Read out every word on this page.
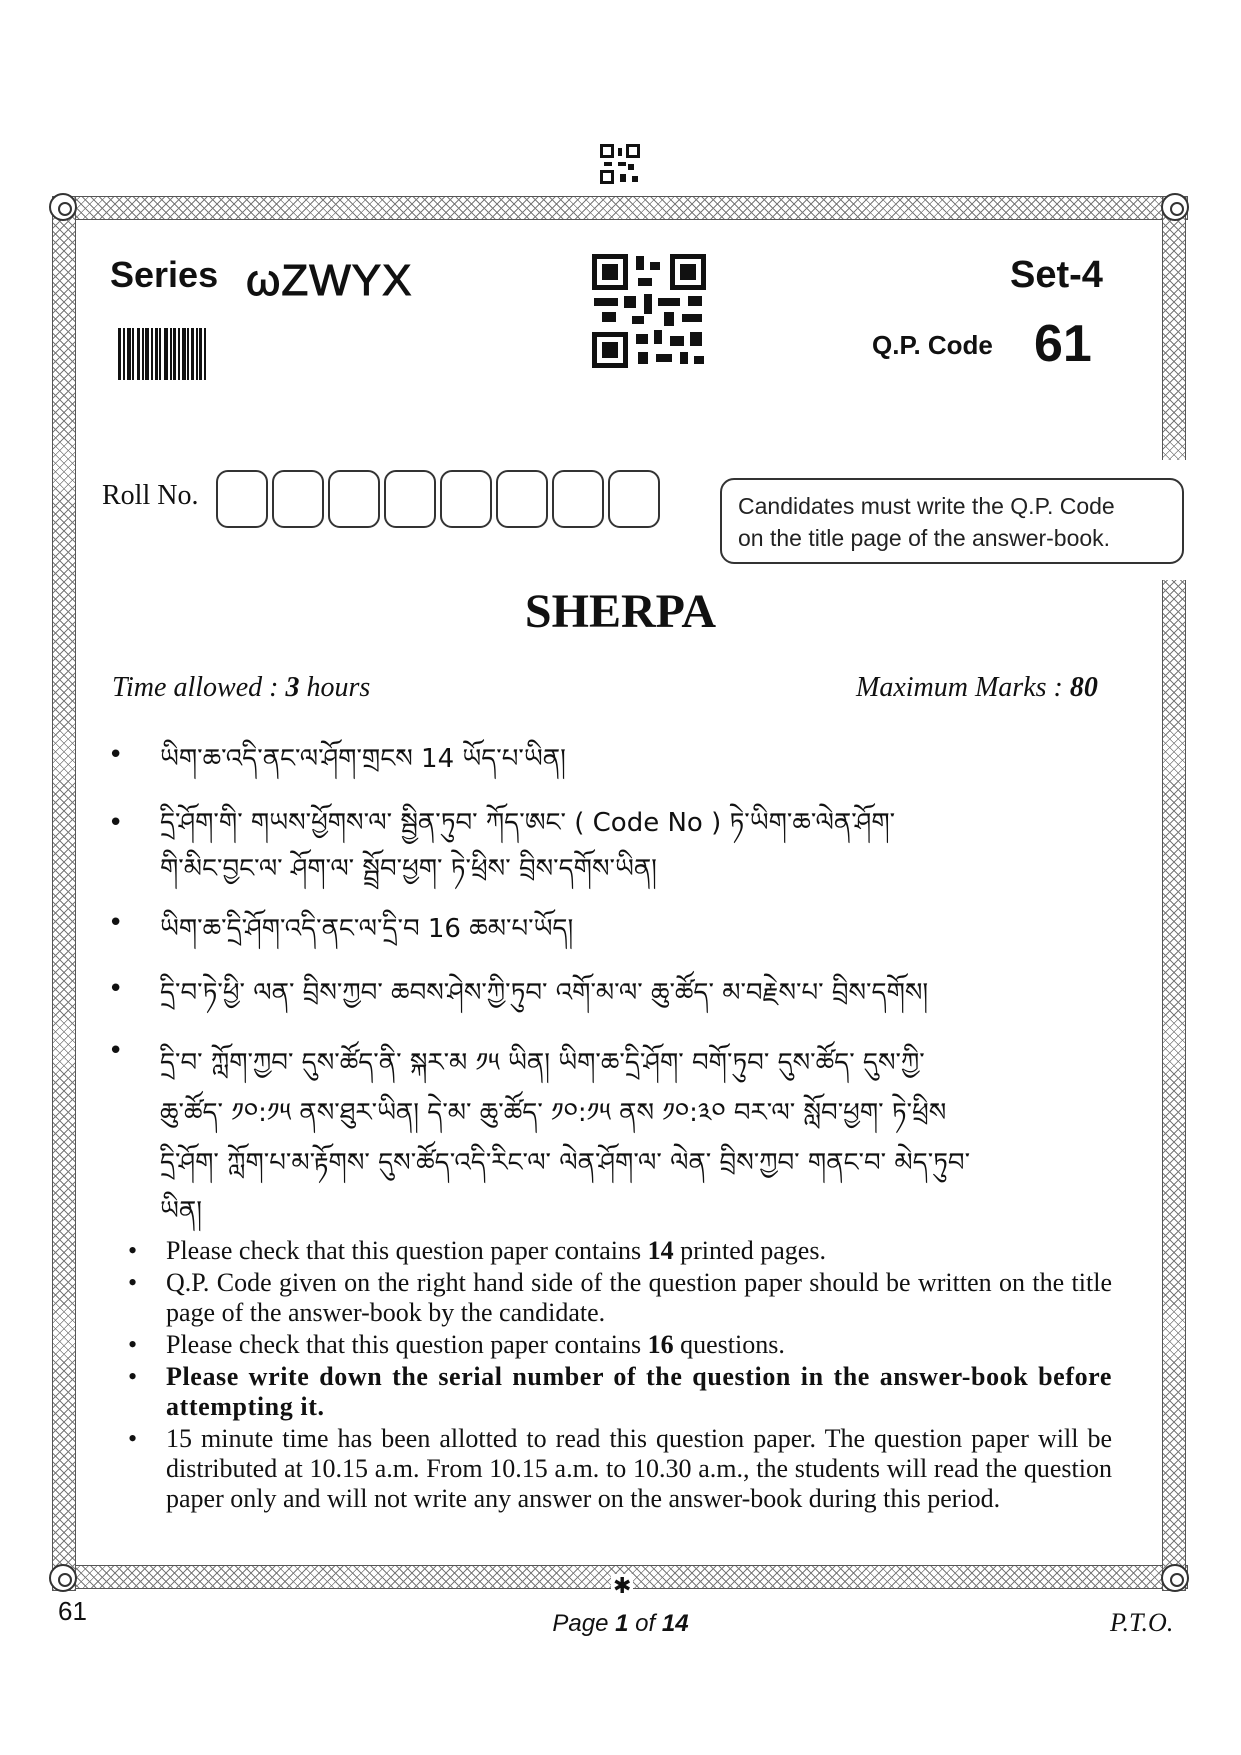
✱
Series ωZWYX	Set-4
Q.P. Code 61
Roll No.	Candidates must write the Q.P. Code
on the title page of the answer-book.
SHERPA
Time allowed : 3 hours	Maximum Marks : 80
• ཡིག་ཆ་འདི་ནང་ལ་ཤོག་གྲངས 14 ཡོད་པ་ཡིན།
• དྲི་ཤོག་གི་ གཡས་ཕྱོགས་ལ་ སྦྱིན་ཏུབ་ ཀོད་ཨང་ ( Code No ) ཏེ་ཡིག་ཆ་ལེན་ཤོག་
གི་མིང་བྱང་ལ་ ཤོག་ལ་ སྦྲོབ་ཕྱག་ ཏེ་ཕྲིས་ བྲིས་དགོས་ཡིན།
• ཡིག་ཆ་དྲི་ཤོག་འདི་ནང་ལ་དྲི་བ 16 ཆམ་པ་ཡོད།
• དྲི་བ་ཏེ་ཕྱི་ ལན་ བྲིས་ཀྱབ་ ཆབས་ཤེས་ཀྱི་ཏུབ་ འགོ་མ་ལ་ ཆུ་ཚོད་ མ་བརྗེས་པ་ བྲིས་དགོས།
• དྲི་བ་ ཀློག་ཀྱབ་ དུས་ཚོད་ནི་ སྐར་མ ༡༥ ཡིན། ཡིག་ཆ་དྲི་ཤོག་ བགོ་ཏུབ་ དུས་ཚོད་ དུས་ཀྱི་
ཆུ་ཚོད་ ༡༠:༡༥ ནས་ཐུར་ཡིན། དེ་མ་ ཆུ་ཚོད་ ༡༠:༡༥ ནས ༡༠:༣༠ བར་ལ་ སློབ་ཕྱག་ ཏེ་ཕྲིས
དྲི་ཤོག་ ཀློག་པ་མ་རྟོགས་ དུས་ཚོད་འདི་རིང་ལ་ ལེན་ཤོག་ལ་ ལེན་ བྲིས་ཀྱབ་ གནང་བ་ མེད་ཏུབ་
ཡིན།
• Please check that this question paper contains 14 printed pages.
• Q.P. Code given on the right hand side of the question paper should be written on the title page of the answer-book by the candidate.
• Please check that this question paper contains 16 questions.
• Please write down the serial number of the question in the answer-book before attempting it.
• 15 minute time has been allotted to read this question paper. The question paper will be distributed at 10.15 a.m. From 10.15 a.m. to 10.30 a.m., the students will read the question paper only and will not write any answer on the answer-book during this period.
61	Page 1 of 14	P.T.O.
